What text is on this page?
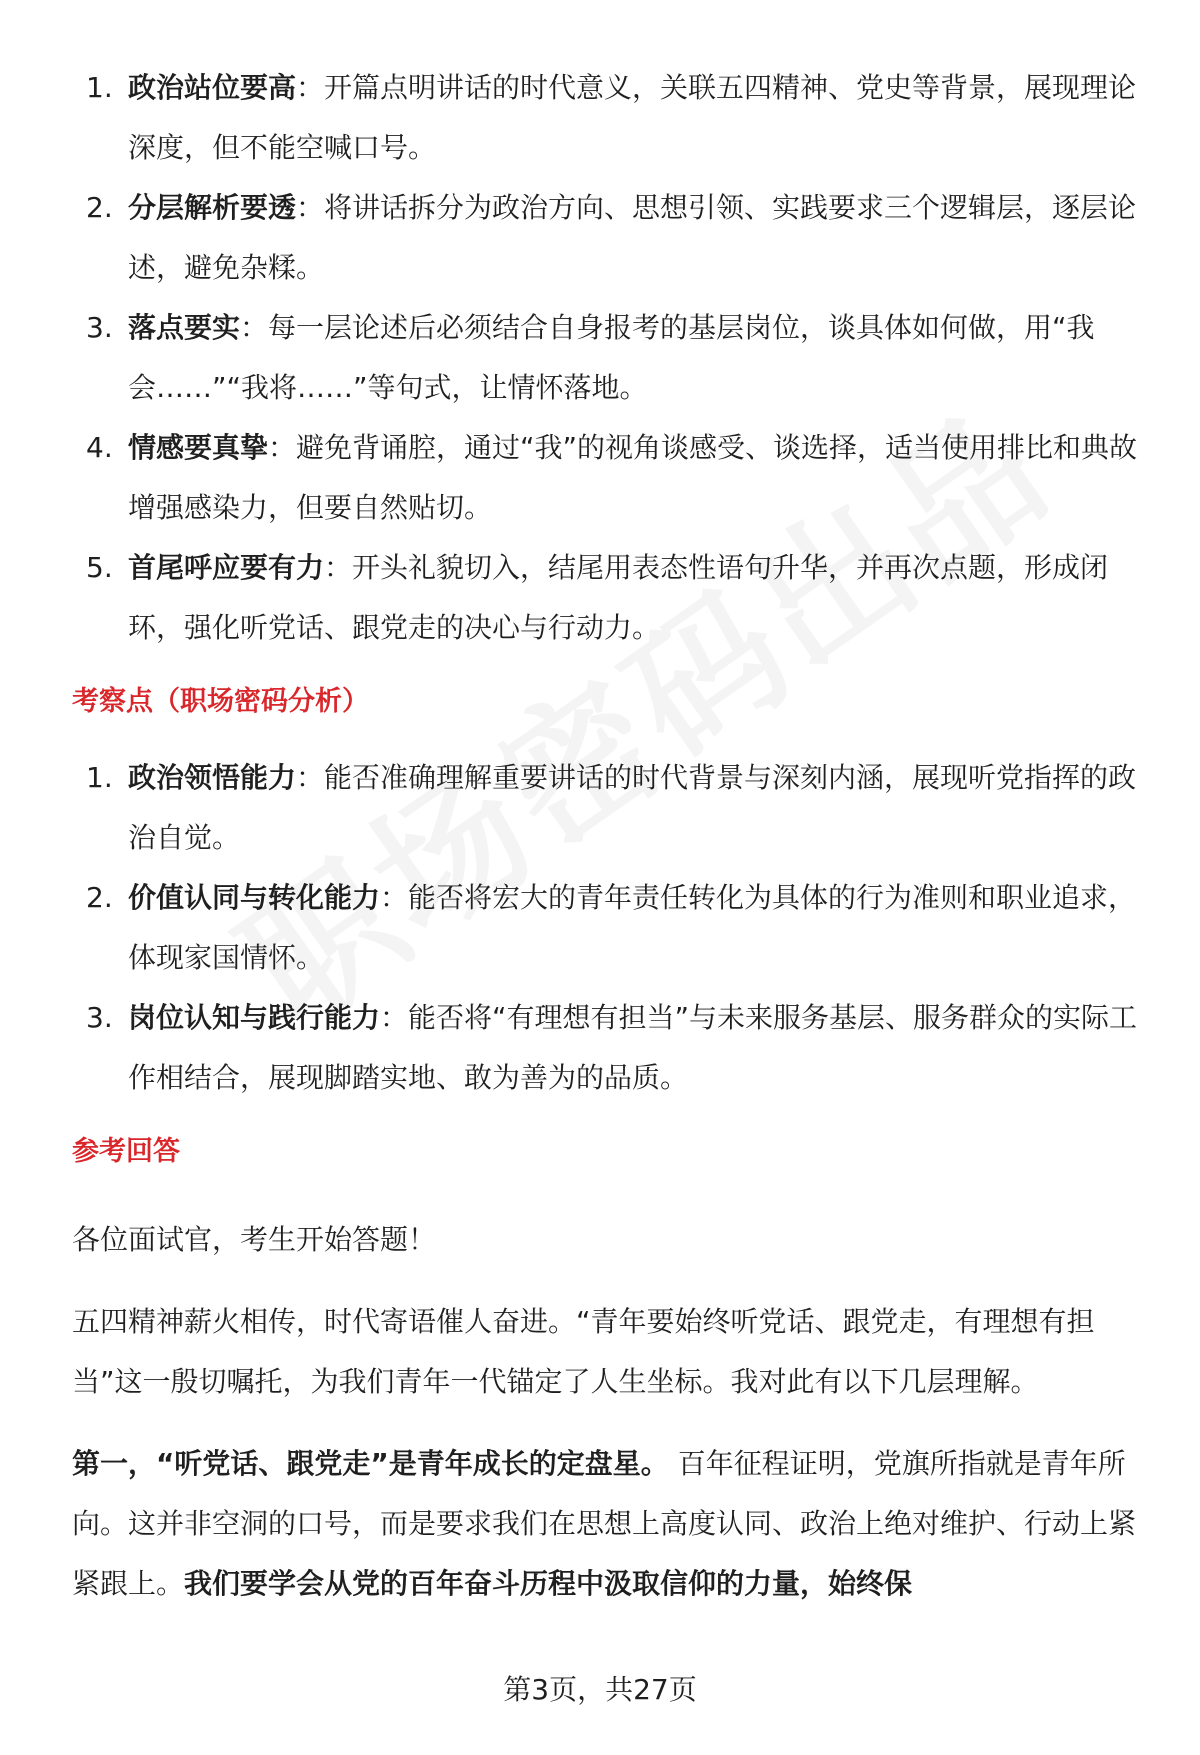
1. 政治站位要高：开篇点明讲话的时代意义，关联五四精神、党史等背景，展现理论深度，但不能空喊口号。
2. 分层解析要透：将讲话拆分为政治方向、思想引领、实践要求三个逻辑层，逐层论述，避免杂糅。
3. 落点要实：每一层论述后必须结合自身报考的基层岗位，谈具体如何做，用“我会……”“我将……”等句式，让情怀落地。
4. 情感要真挚：避免背诵腔，通过“我”的视角谈感受、谈选择，适当使用排比和典故增强感染力，但要自然贴切。
5. 首尾呼应要有力：开头礼貌切入，结尾用表态性语句升华，并再次点题，形成闭环，强化听党话、跟党走的决心与行动力。
考察点（职场密码分析）
1. 政治领悟能力：能否准确理解重要讲话的时代背景与深刻内涵，展现听党指挥的政治自觉。
2. 价值认同与转化能力：能否将宏大的青年责任转化为具体的行为准则和职业追求，体现家国情怀。
3. 岗位认知与践行能力：能否将“有理想有担当”与未来服务基层、服务群众的实际工作相结合，展现脚踏实地、敢为善为的品质。
参考回答

各位面试官，考生开始答题！

五四精神薪火相传，时代寄语催人奋进。“青年要始终听党话、跟党走，有理想有担当”这一殷切嘱托，为我们青年一代锚定了人生坐标。我对此有以下几层理解。

第一，“听党话、跟党走”是青年成长的定盘星。 百年征程证明，党旗所指就是青年所向。这并非空洞的口号，而是要求我们在思想上高度认同、政治上绝对维护、行动上紧紧跟上。我们要学会从党的百年奋斗历程中汲取信仰的力量，始终保

第3页，共27页
